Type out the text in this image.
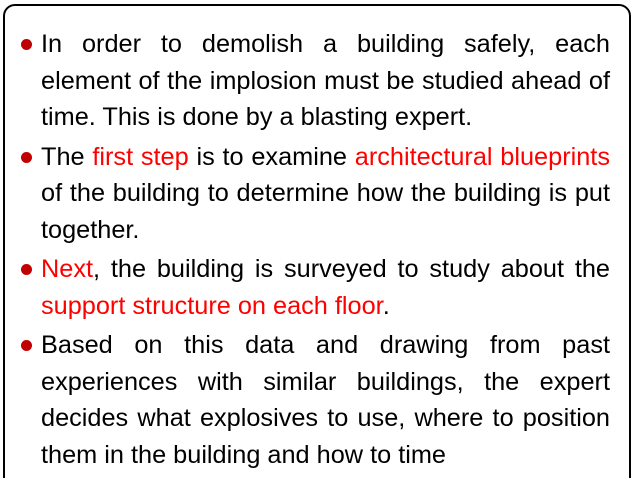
In order to demolish a building safely, each element of the implosion must be studied ahead of time. This is done by a blasting expert.
The first step is to examine architectural blueprints of the building to determine how the building is put together.
Next, the building is surveyed to study about the support structure on each floor.
Based on this data and drawing from past experiences with similar buildings, the expert decides what explosives to use, where to position them in the building and how to time
